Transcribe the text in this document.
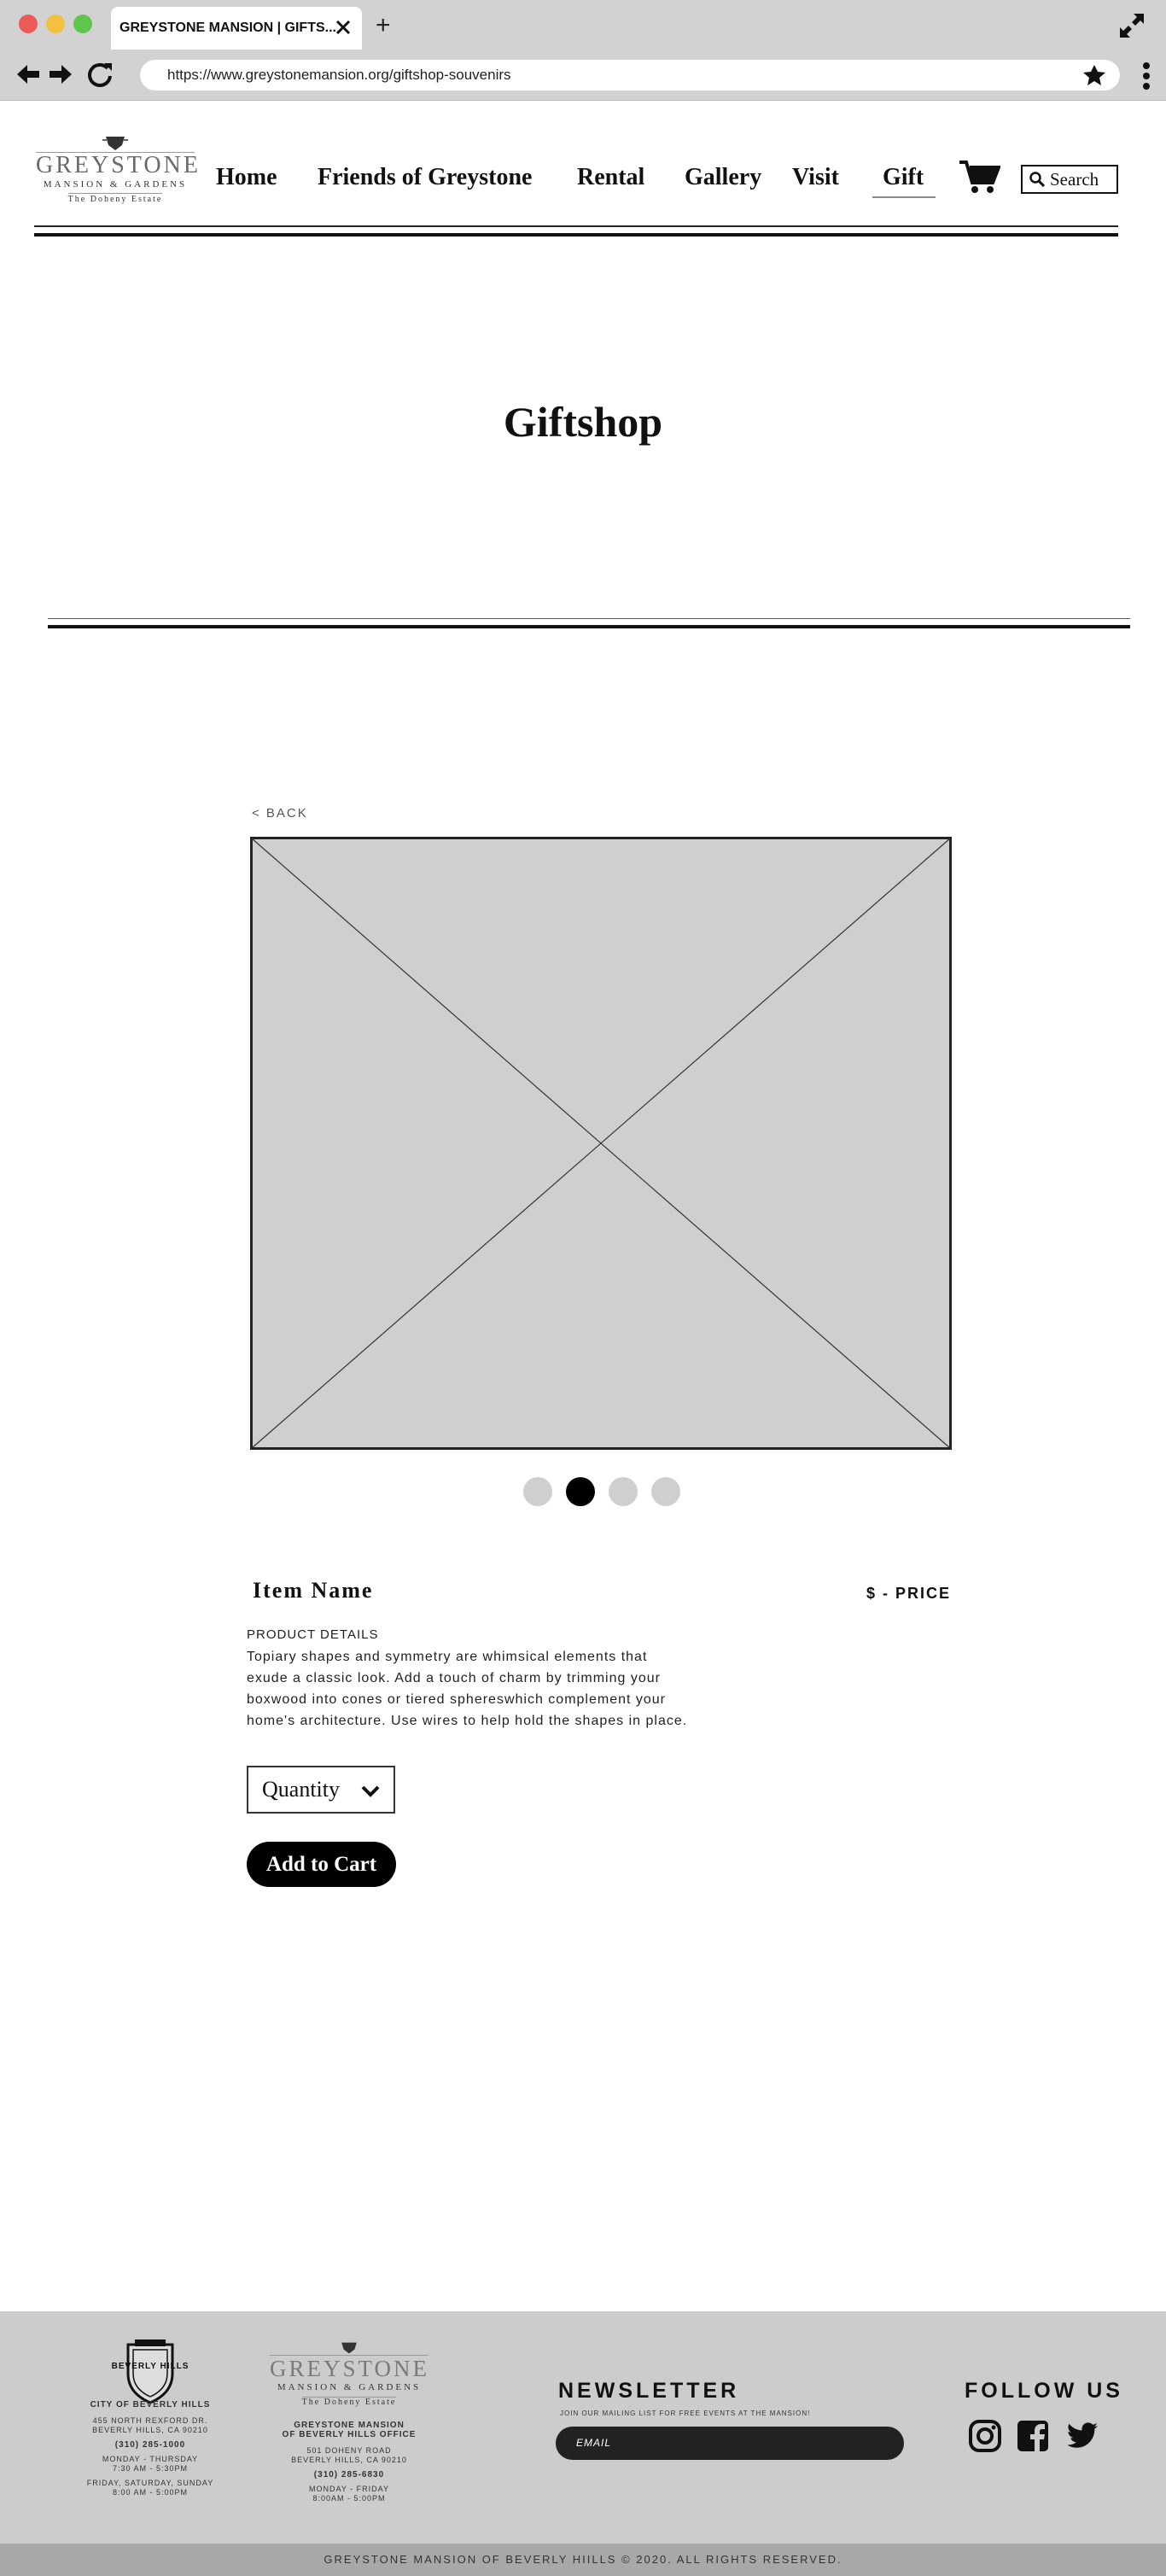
GREYSTONE MANSION | GIFTS... +
https://www.greystonemansion.org/giftshop-souvenirs
GREYSTONE
MANSION & GARDENS
The Doheny Estate
Home Friends of Greystone Rental Gallery Visit Gift	Search
Giftshop
< BACK
Item Name	$ - PRICE
PRODUCT DETAILS
Topiary shapes and symmetry are whimsical elements that
exude a classic look. Add a touch of charm by trimming your
boxwood into cones or tiered sphereswhich complement your
home's architecture. Use wires to help hold the shapes in place.
Quantity
Add to Cart
BEVERLY HILLS
CITY OF BEVERLY HILLS
455 NORTH REXFORD DR.
BEVERLY HILLS, CA 90210
(310) 285-1000
MONDAY - THURSDAY
7:30 AM - 5:30PM
FRIDAY, SATURDAY, SUNDAY
8:00 AM - 5:00PM
GREYSTONE
MANSION & GARDENS
The Doheny Estate
GREYSTONE MANSION
OF BEVERLY HILLS OFFICE
501 DOHENY ROAD
BEVERLY HILLS, CA 90210
(310) 285-6830
MONDAY - FRIDAY
8:00AM - 5:00PM
NEWSLETTER
JOIN OUR MAILING LIST FOR FREE EVENTS AT THE MANSION!
EMAIL
FOLLOW US
GREYSTONE MANSION OF BEVERLY HIILLS © 2020. ALL RIGHTS RESERVED.
